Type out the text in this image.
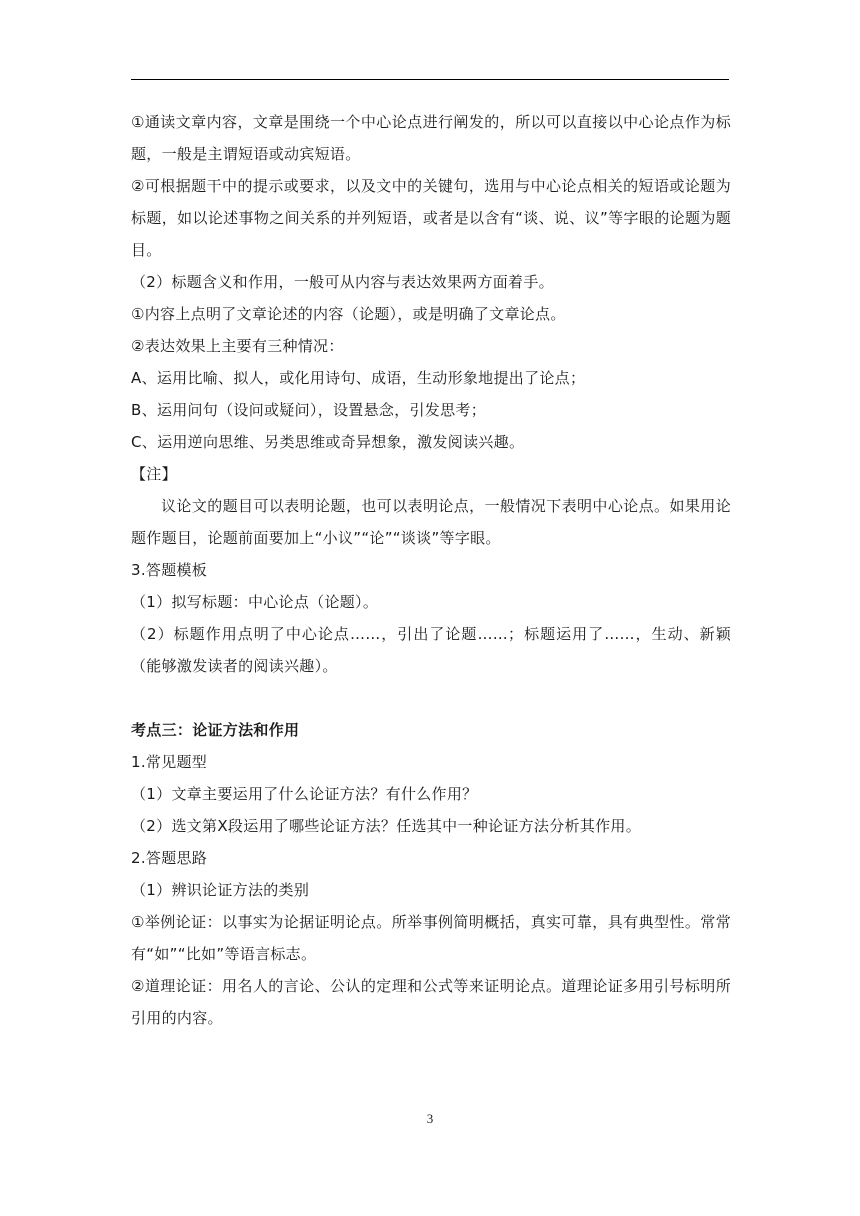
①通读文章内容，文章是围绕一个中心论点进行阐发的，所以可以直接以中心论点作为标题，一般是主谓短语或动宾短语。

②可根据题干中的提示或要求，以及文中的关键句，选用与中心论点相关的短语或论题为标题，如以论述事物之间关系的并列短语，或者是以含有“谈、说、议”等字眼的论题为题目。

（2）标题含义和作用，一般可从内容与表达效果两方面着手。

①内容上点明了文章论述的内容（论题），或是明确了文章论点。

②表达效果上主要有三种情况：

A、运用比喻、拟人，或化用诗句、成语，生动形象地提出了论点；

B、运用问句（设问或疑问），设置悬念，引发思考；

C、运用逆向思维、另类思维或奇异想象，激发阅读兴趣。

【注】

议论文的题目可以表明论题，也可以表明论点，一般情况下表明中心论点。如果用论题作题目，论题前面要加上“小议”“论”“谈谈”等字眼。

3.答题模板

（1）拟写标题：中心论点（论题）。

（2）标题作用点明了中心论点……，引出了论题……；标题运用了……，生动、新颖（能够激发读者的阅读兴趣）。

考点三：论证方法和作用

1.常见题型

（1）文章主要运用了什么论证方法？有什么作用？

（2）选文第X段运用了哪些论证方法？任选其中一种论证方法分析其作用。

2.答题思路

（1）辨识论证方法的类别

①举例论证：以事实为论据证明论点。所举事例简明概括，真实可靠，具有典型性。常常有“如”“比如”等语言标志。

②道理论证：用名人的言论、公认的定理和公式等来证明论点。道理论证多用引号标明所引用的内容。

3
